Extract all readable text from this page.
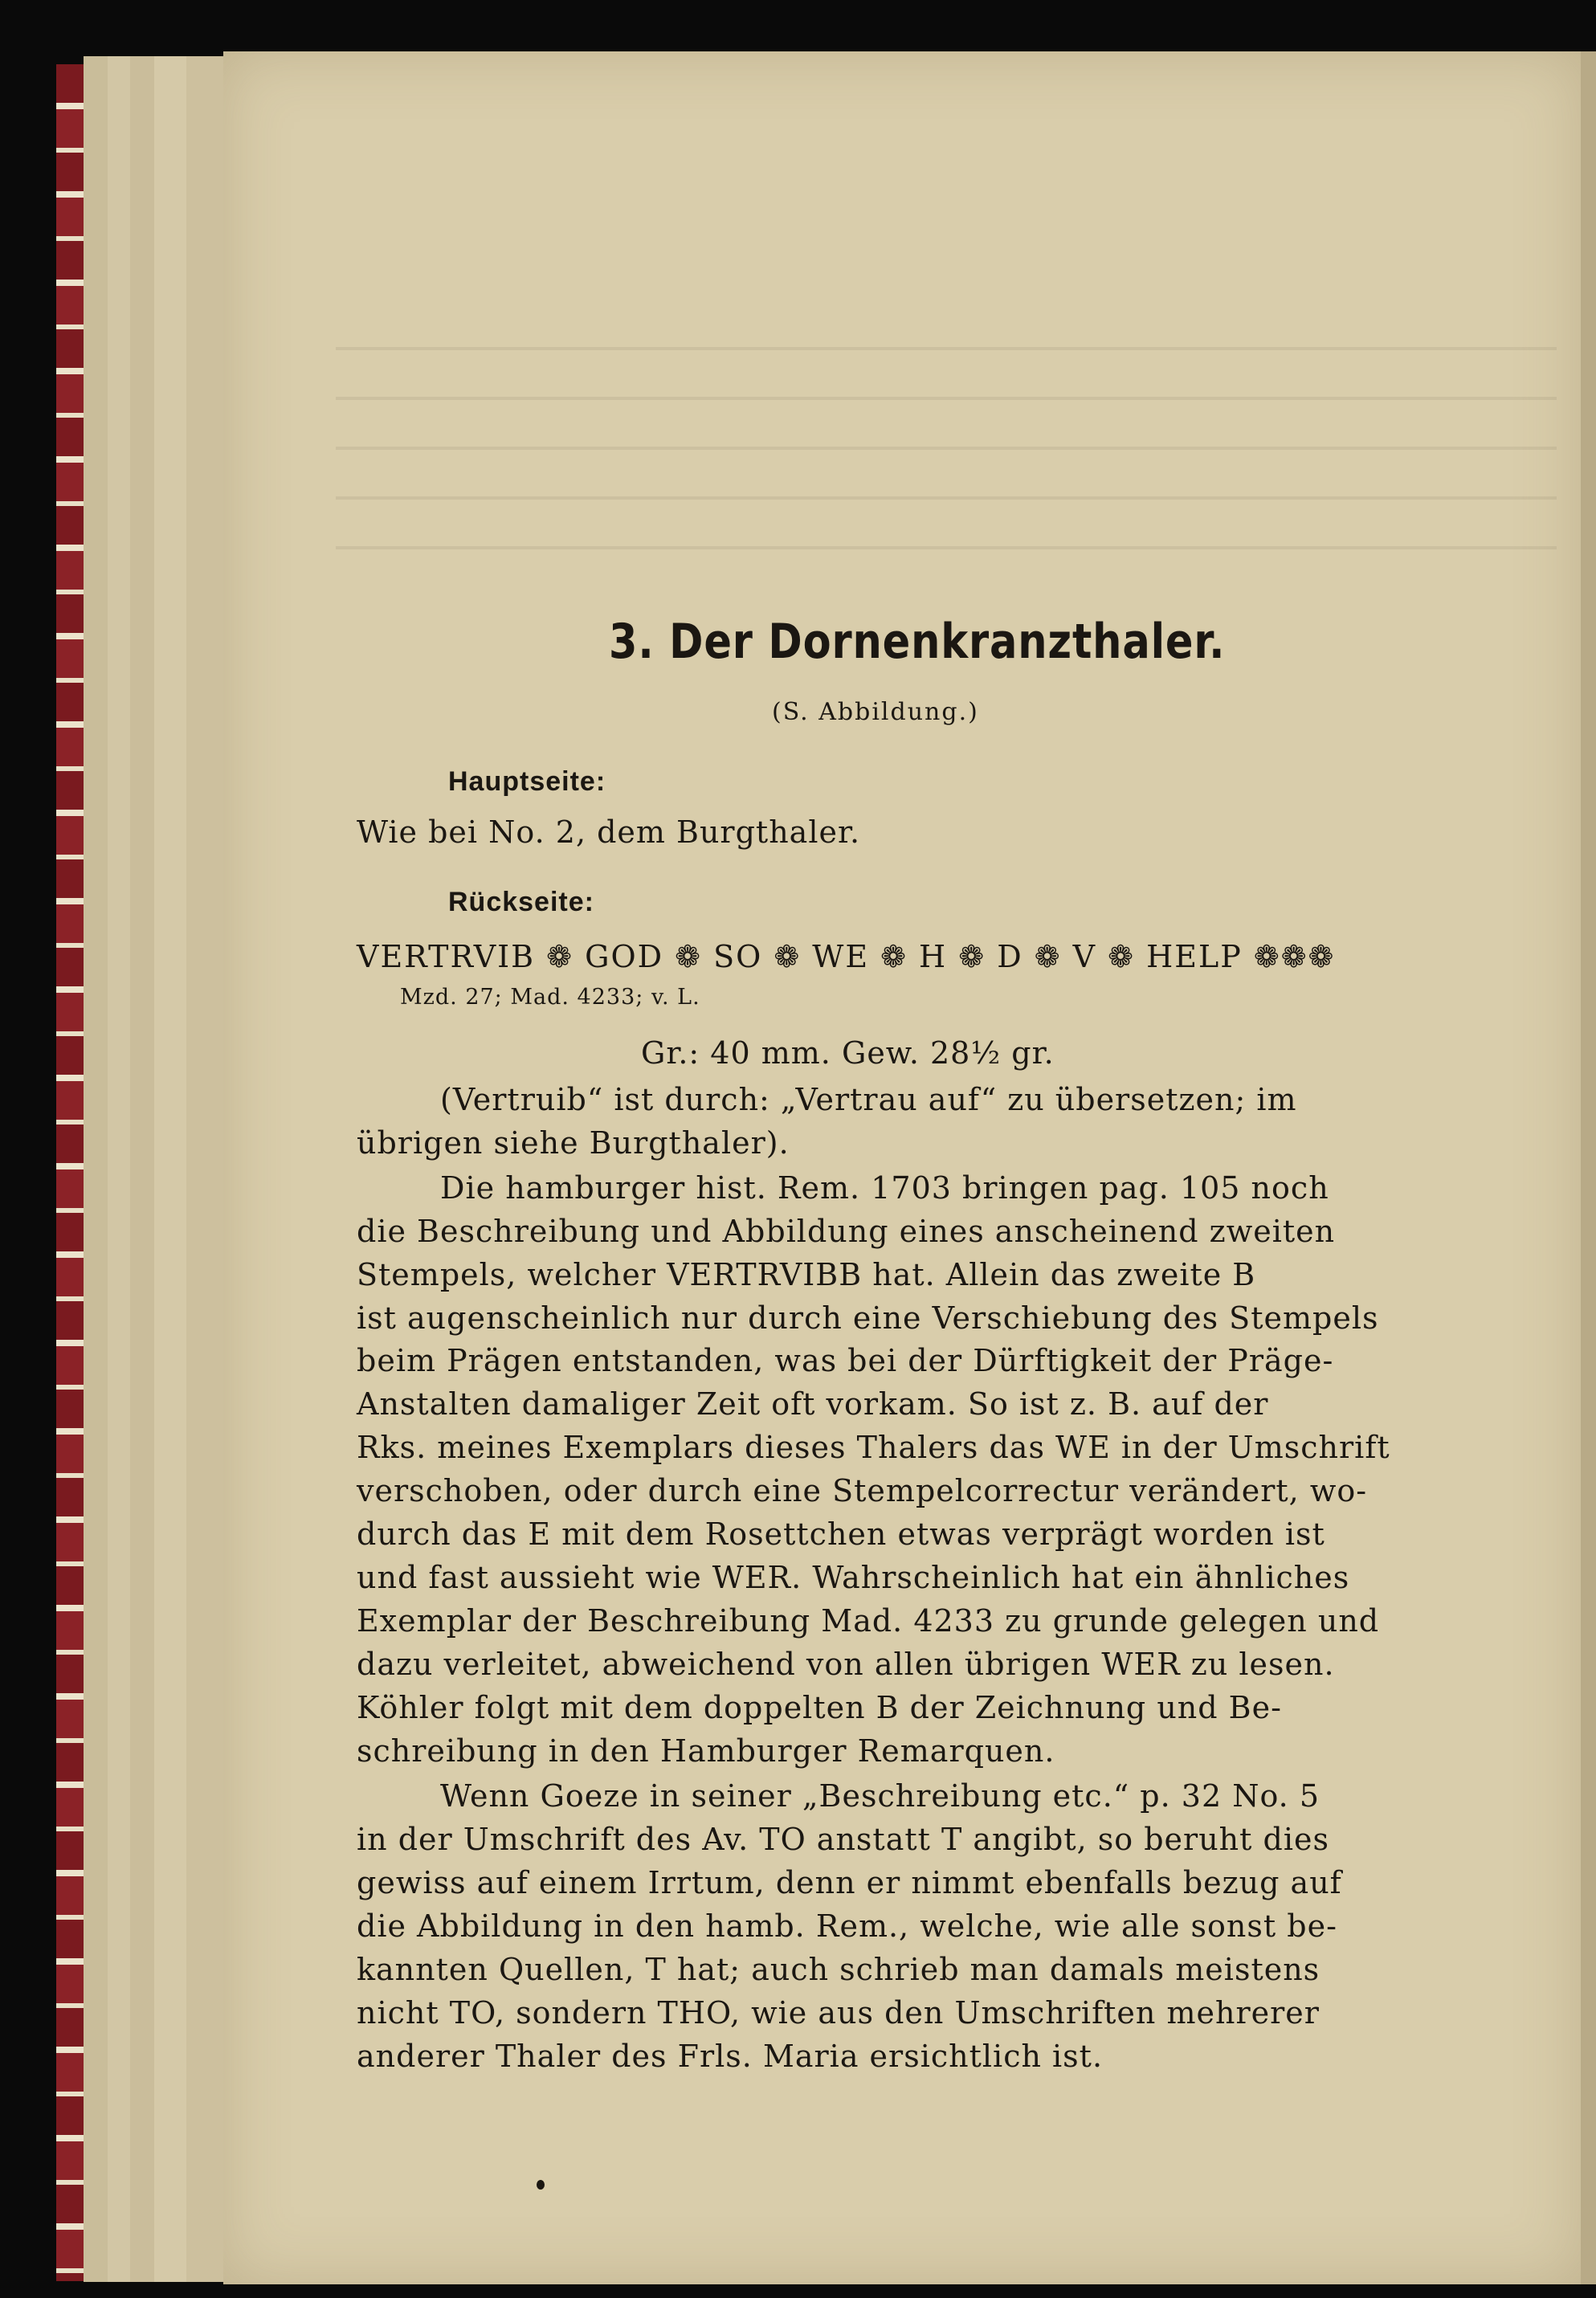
3. Der Dornenkranzthaler.
(S. Abbildung.)
Hauptseite:
Wie bei No. 2, dem Burgthaler.
Rückseite:
VERTRVIB ❁ GOD ❁ SO ❁ WE ❁ H ❁ D ❁ V ❁ HELP ❁❁❁
Mzd. 27; Mad. 4233; v. L.
Gr.: 40 mm. Gew. 28½ gr.
(Vertruib“ ist durch: „Vertrau auf“ zu übersetzen; im
übrigen siehe Burgthaler).
Die hamburger hist. Rem. 1703 bringen pag. 105 noch
die Beschreibung und Abbildung eines anscheinend zweiten
Stempels, welcher VERTRVIBB hat. Allein das zweite B
ist augenscheinlich nur durch eine Verschiebung des Stempels
beim Prägen entstanden, was bei der Dürftigkeit der Präge-
Anstalten damaliger Zeit oft vorkam. So ist z. B. auf der
Rks. meines Exemplars dieses Thalers das WE in der Umschrift
verschoben, oder durch eine Stempelcorrectur verändert, wo-
durch das E mit dem Rosettchen etwas verprägt worden ist
und fast aussieht wie WER. Wahrscheinlich hat ein ähnliches
Exemplar der Beschreibung Mad. 4233 zu grunde gelegen und
dazu verleitet, abweichend von allen übrigen WER zu lesen.
Köhler folgt mit dem doppelten B der Zeichnung und Be-
schreibung in den Hamburger Remarquen.
Wenn Goeze in seiner „Beschreibung etc.“ p. 32 No. 5
in der Umschrift des Av. TO anstatt T angibt, so beruht dies
gewiss auf einem Irrtum, denn er nimmt ebenfalls bezug auf
die Abbildung in den hamb. Rem., welche, wie alle sonst be-
kannten Quellen, T hat; auch schrieb man damals meistens
nicht TO, sondern THO, wie aus den Umschriften mehrerer
anderer Thaler des Frls. Maria ersichtlich ist.
